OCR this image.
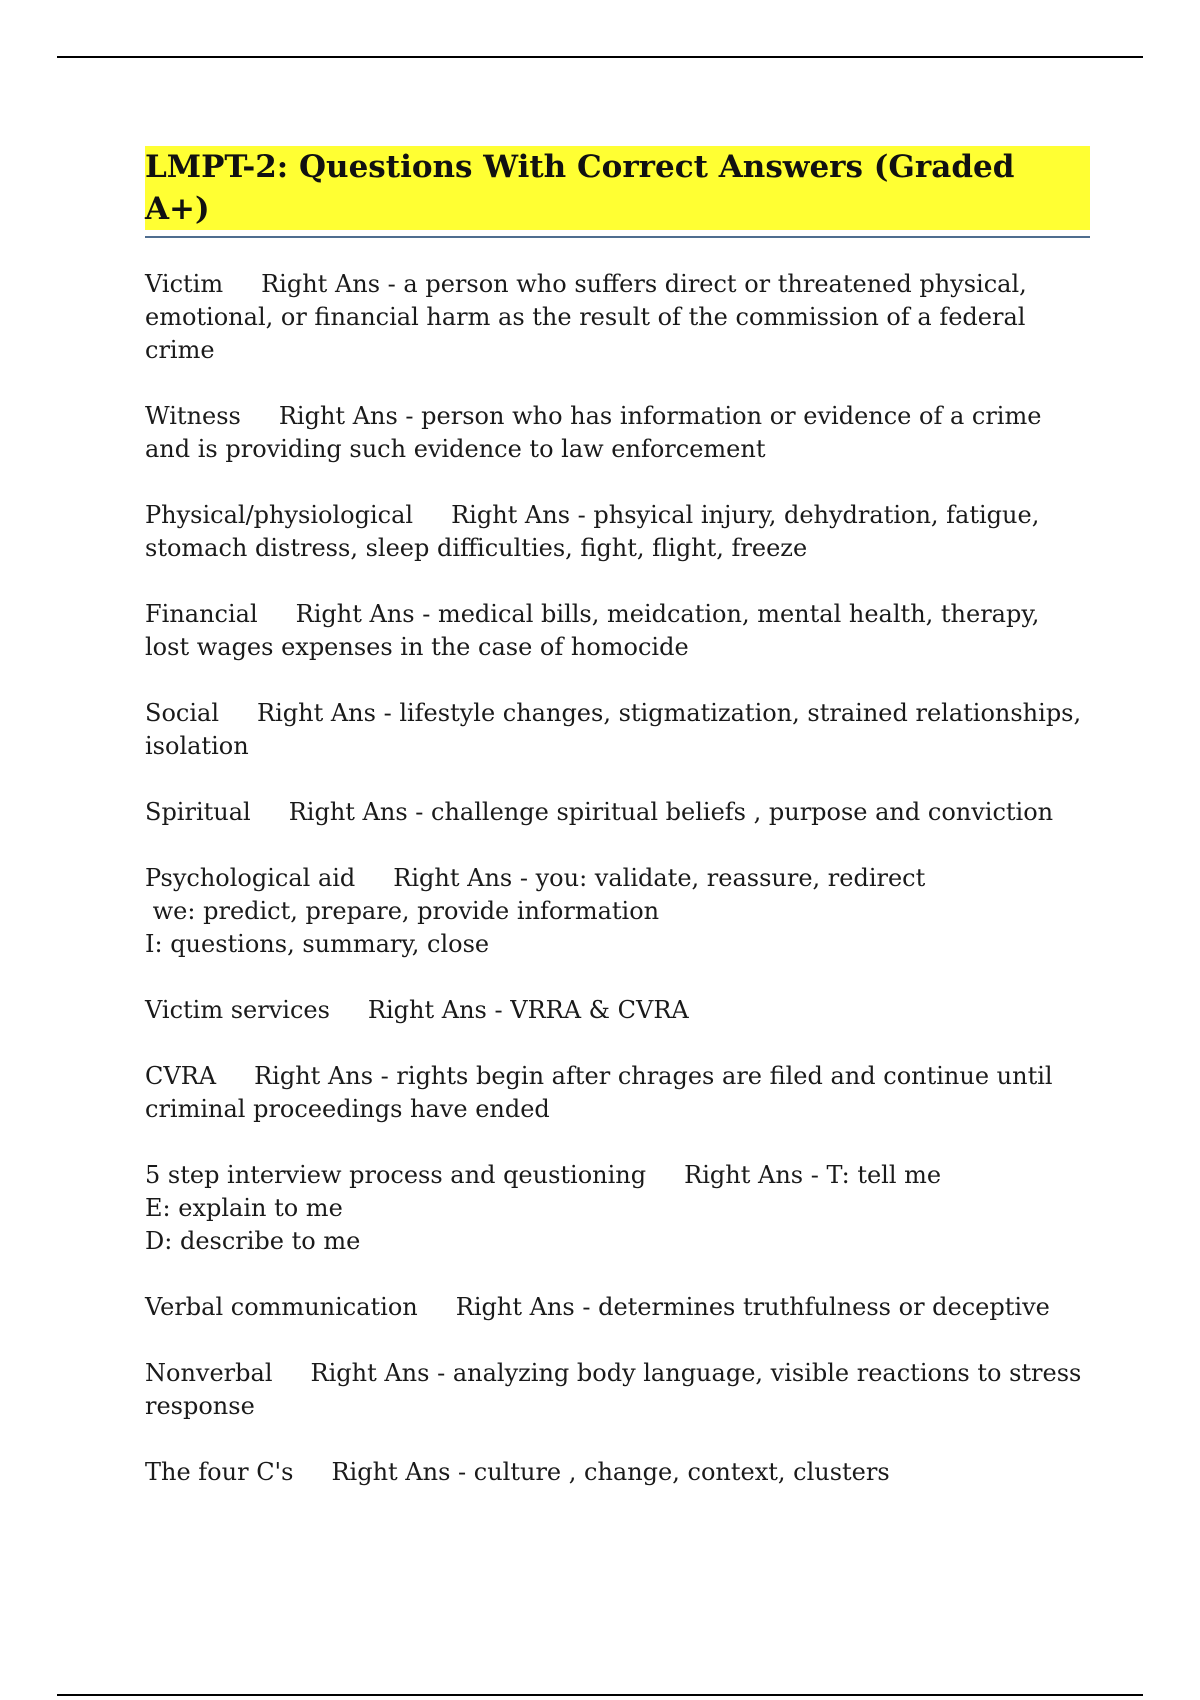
LMPT-2: Questions With Correct Answers (Graded A+)

Victim Right Ans - a person who suffers direct or threatened physical, emotional, or financial harm as the result of the commission of a federal crime

Witness Right Ans - person who has information or evidence of a crime and is providing such evidence to law enforcement

Physical/physiological Right Ans - phsyical injury, dehydration, fatigue, stomach distress, sleep difficulties, fight, flight, freeze

Financial Right Ans - medical bills, meidcation, mental health, therapy, lost wages expenses in the case of homocide

Social Right Ans - lifestyle changes, stigmatization, strained relationships, isolation

Spiritual Right Ans - challenge spiritual beliefs , purpose and conviction

Psychological aid Right Ans - you: validate, reassure, redirect
we: predict, prepare, provide information
I: questions, summary, close

Victim services Right Ans - VRRA & CVRA

CVRA Right Ans - rights begin after chrages are filed and continue until criminal proceedings have ended

5 step interview process and qeustioning Right Ans - T: tell me
E: explain to me
D: describe to me

Verbal communication Right Ans - determines truthfulness or deceptive

Nonverbal Right Ans - analyzing body language, visible reactions to stress response

The four C's Right Ans - culture , change, context, clusters
